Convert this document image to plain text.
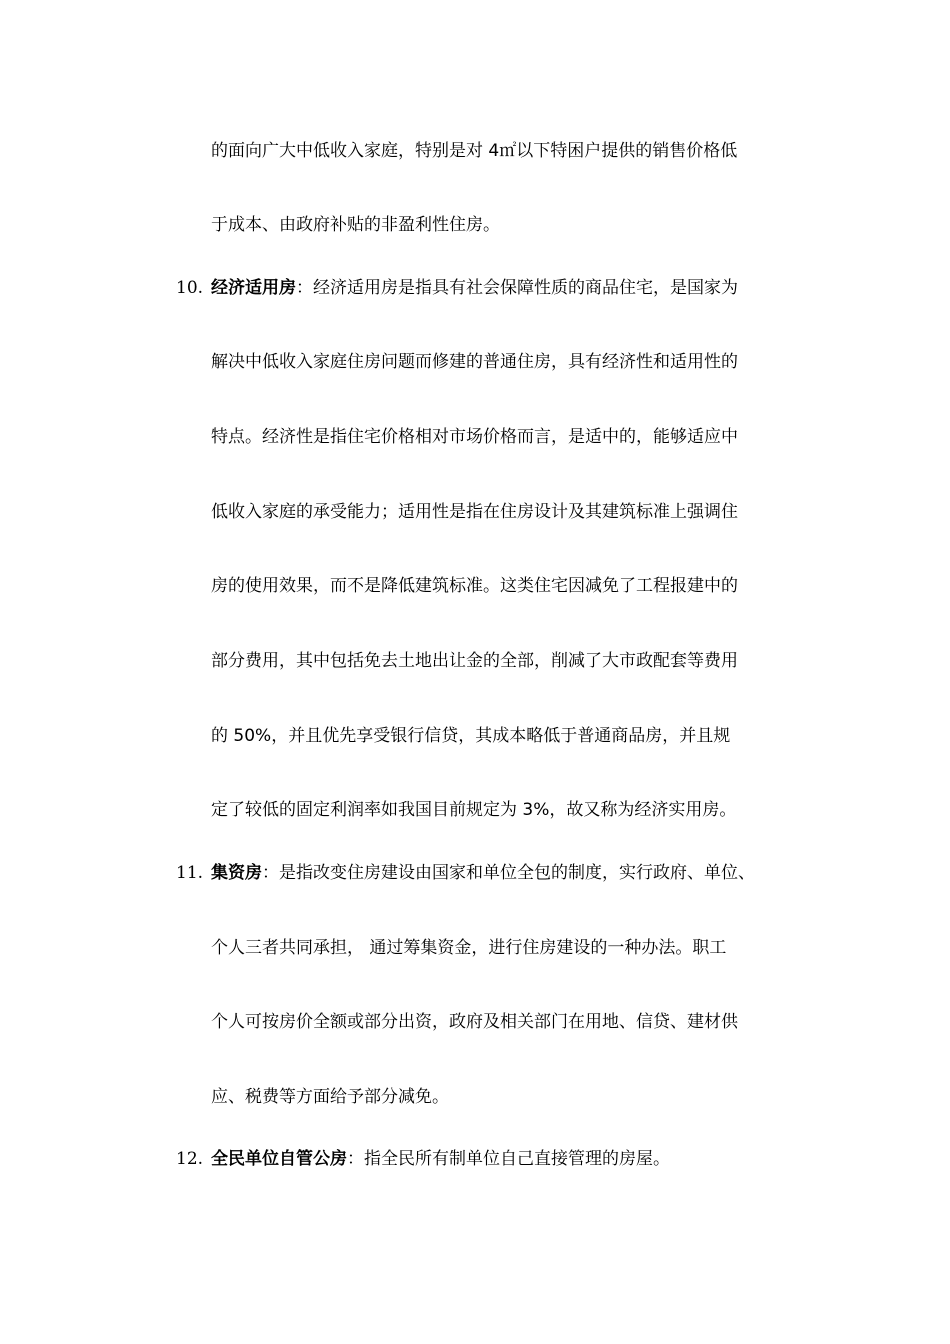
的面向广大中低收入家庭，特别是对 4㎡以下特困户提供的销售价格低
于成本、由政府补贴的非盈利性住房。
10. 经济适用房：经济适用房是指具有社会保障性质的商品住宅，是国家为
解决中低收入家庭住房问题而修建的普通住房，具有经济性和适用性的
特点。经济性是指住宅价格相对市场价格而言，是适中的，能够适应中
低收入家庭的承受能力；适用性是指在住房设计及其建筑标准上强调住
房的使用效果，而不是降低建筑标准。这类住宅因减免了工程报建中的
部分费用，其中包括免去土地出让金的全部，削减了大市政配套等费用
的 50%，并且优先享受银行信贷，其成本略低于普通商品房，并且规
定了较低的固定利润率如我国目前规定为 3%，故又称为经济实用房。
11. 集资房：是指改变住房建设由国家和单位全包的制度，实行政府、单位、
个人三者共同承担， 通过筹集资金，进行住房建设的一种办法。职工
个人可按房价全额或部分出资，政府及相关部门在用地、信贷、建材供
应、税费等方面给予部分减免。
12. 全民单位自管公房：指全民所有制单位自己直接管理的房屋。
